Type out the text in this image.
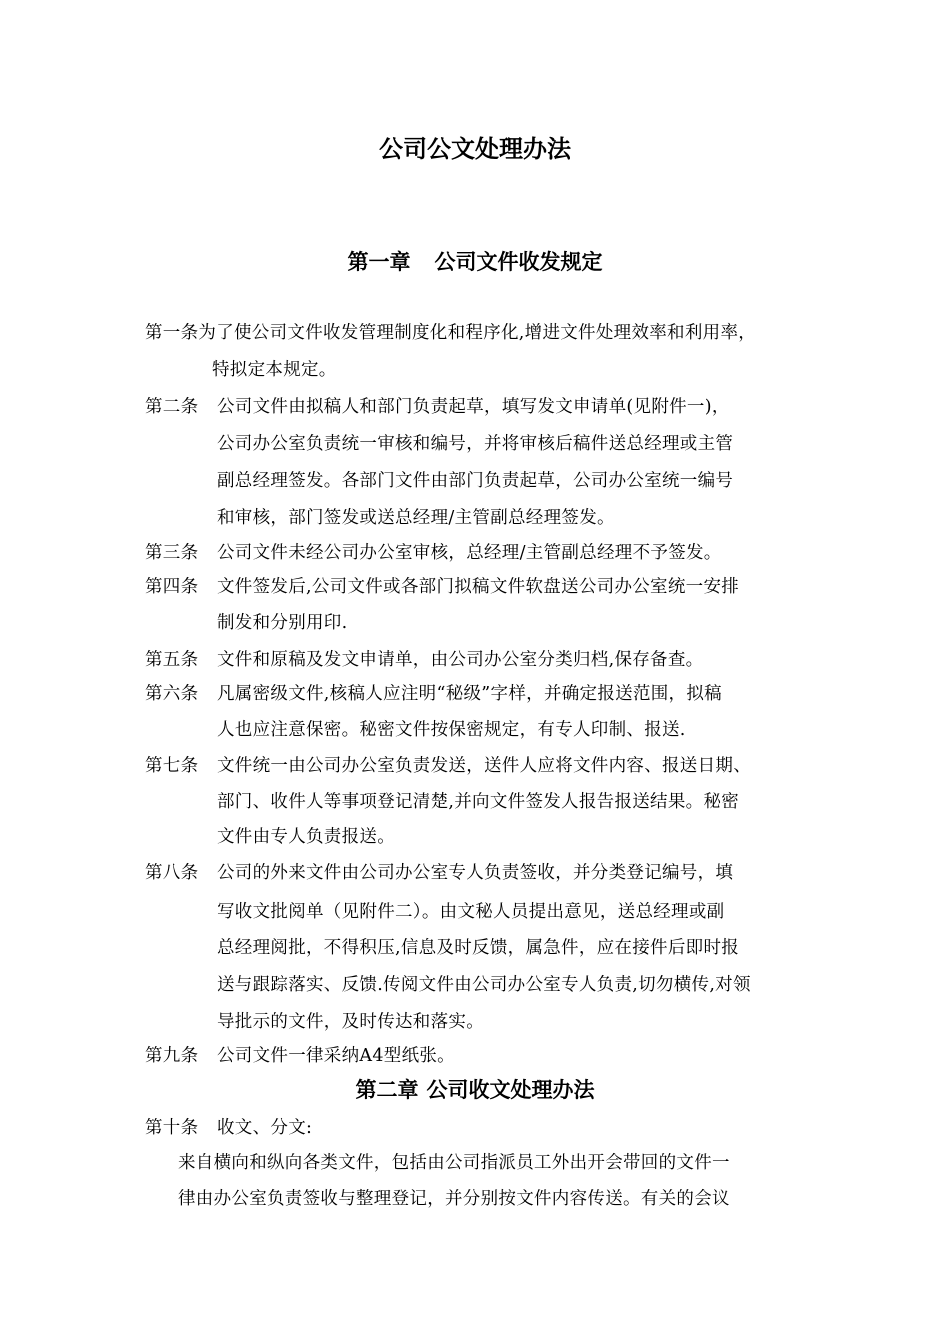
公司公文处理办法
第一章 公司文件收发规定
第一条为了使公司文件收发管理制度化和程序化,增进文件处理效率和利用率，
特拟定本规定。
第二条 公司文件由拟稿人和部门负责起草，填写发文申请单(见附件一)，
公司办公室负责统一审核和编号，并将审核后稿件送总经理或主管
副总经理签发。各部门文件由部门负责起草，公司办公室统一编号
和审核，部门签发或送总经理/主管副总经理签发。
第三条 公司文件未经公司办公室审核，总经理/主管副总经理不予签发。
第四条 文件签发后,公司文件或各部门拟稿文件软盘送公司办公室统一安排
制发和分别用印.
第五条 文件和原稿及发文申请单，由公司办公室分类归档,保存备查。
第六条 凡属密级文件,核稿人应注明“秘级”字样，并确定报送范围，拟稿
人也应注意保密。秘密文件按保密规定，有专人印制、报送.
第七条 文件统一由公司办公室负责发送，送件人应将文件内容、报送日期、
部门、收件人等事项登记清楚,并向文件签发人报告报送结果。秘密
文件由专人负责报送。
第八条 公司的外来文件由公司办公室专人负责签收，并分类登记编号，填
写收文批阅单（见附件二）。由文秘人员提出意见，送总经理或副
总经理阅批，不得积压,信息及时反馈，属急件，应在接件后即时报
送与跟踪落实、反馈.传阅文件由公司办公室专人负责,切勿横传,对领
导批示的文件，及时传达和落实。
第九条 公司文件一律采纳A4型纸张。
第二章 公司收文处理办法
第十条 收文、分文:
来自横向和纵向各类文件，包括由公司指派员工外出开会带回的文件一
律由办公室负责签收与整理登记，并分别按文件内容传送。有关的会议
